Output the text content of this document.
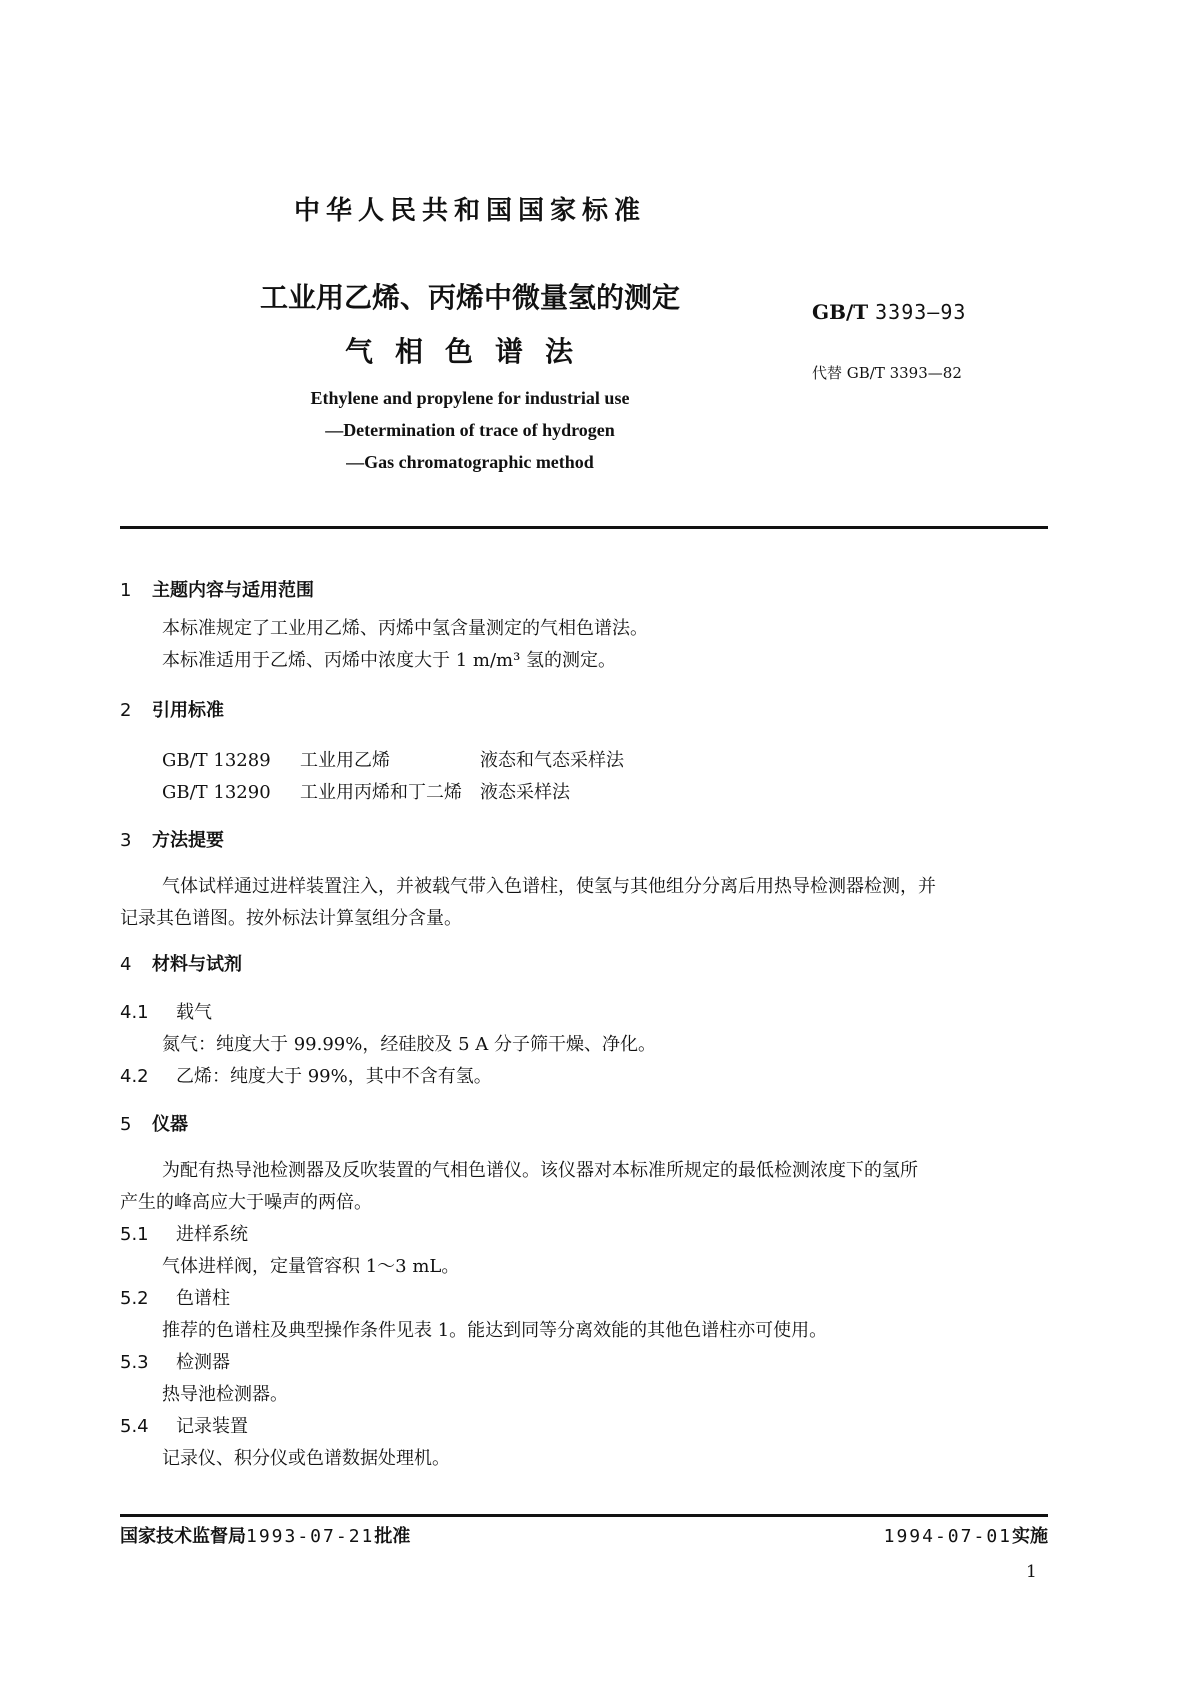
中华人民共和国国家标准
工业用乙烯、丙烯中微量氢的测定
气相色谱法
GB/T 3393—93
代替 GB/T 3393—82
Ethylene and propylene for industrial use
—Determination of trace of hydrogen
—Gas chromatographic method
1 主题内容与适用范围
本标准规定了工业用乙烯、丙烯中氢含量测定的气相色谱法。
本标准适用于乙烯、丙烯中浓度大于 1 m/m³ 氢的测定。
2 引用标准
GB/T 13289 工业用乙烯	液态和气态采样法
GB/T 13290 工业用丙烯和丁二烯 液态采样法
3 方法提要
气体试样通过进样装置注入，并被载气带入色谱柱，使氢与其他组分分离后用热导检测器检测，并
记录其色谱图。按外标法计算氢组分含量。
4 材料与试剂
4.1 载气
氮气：纯度大于 99.99%，经硅胶及 5 A 分子筛干燥、净化。
4.2 乙烯：纯度大于 99%，其中不含有氢。
5 仪器
为配有热导池检测器及反吹装置的气相色谱仪。该仪器对本标准所规定的最低检测浓度下的氢所
产生的峰高应大于噪声的两倍。
5.1 进样系统
气体进样阀，定量管容积 1～3 mL。
5.2 色谱柱
推荐的色谱柱及典型操作条件见表 1。能达到同等分离效能的其他色谱柱亦可使用。
5.3 检测器
热导池检测器。
5.4 记录装置
记录仪、积分仪或色谱数据处理机。
国家技术监督局1993-07-21批准	1994-07-01实施
1
